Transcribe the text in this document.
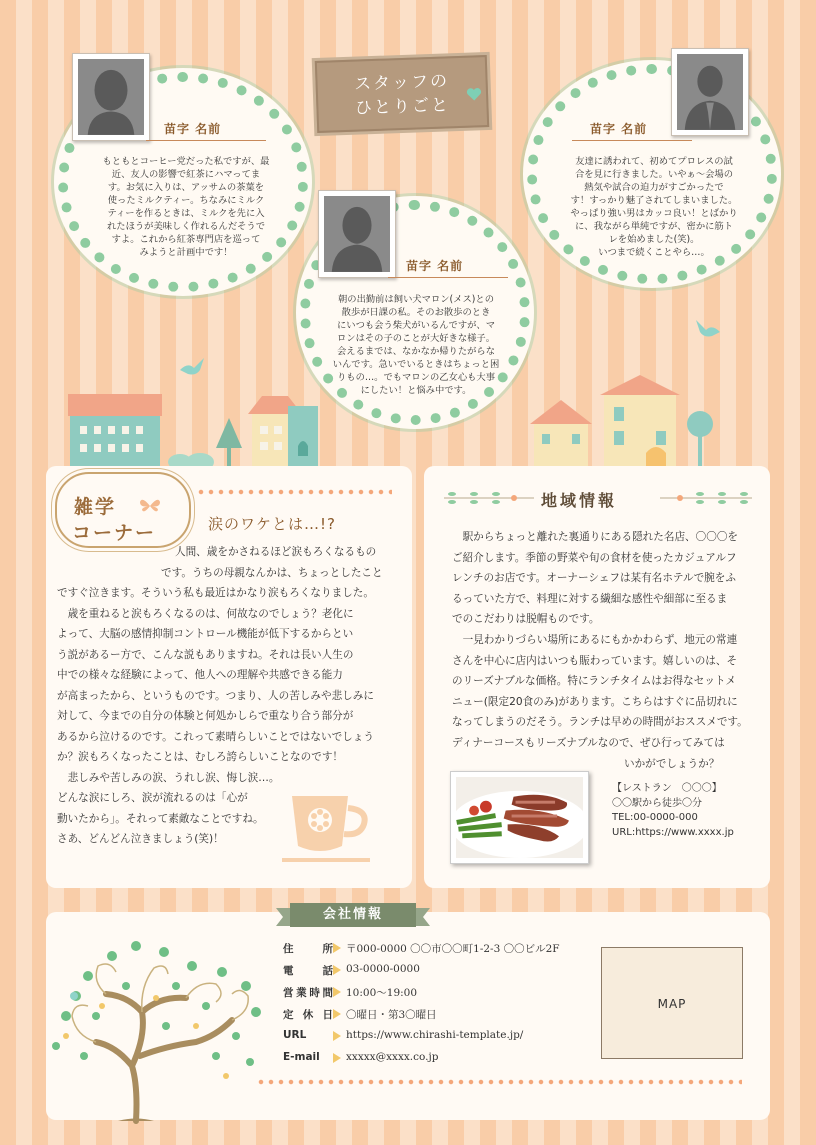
スタッフの
ひとりごと
苗字 名前
もともとコーヒー党だった私ですが、最
近、友人の影響で紅茶にハマってま
す。お気に入りは、アッサムの茶葉を
使ったミルクティー。ちなみにミルク
ティーを作るときは、ミルクを先に入
れたほうが美味しく作れるんだそうで
すよ。これから紅茶専門店を巡って
みようと計画中です！
苗字 名前
朝の出勤前は飼い犬マロン(メス)との
散歩が日課の私。そのお散歩のとき
にいつも会う柴犬がいるんですが、マ
ロンはその子のことが大好きな様子。
会えるまでは、なかなか帰りたがらな
いんです。急いでいるときはちょっと困
りもの…。でもマロンの乙女心も大事
にしたい！と悩み中です。
苗字 名前
友達に誘われて、初めてプロレスの試
合を見に行きました。いやぁ～会場の
熱気や試合の迫力がすごかったで
す！すっかり魅了されてしまいました。
やっぱり強い男はカッコ良い！とばかり
に、我ながら単純ですが、密かに筋ト
レを始めました(笑)。
いつまで続くことやら…。
雑学
コーナー	涙のワケとは…!?
人間、歳をかさねるほど涙もろくなるもの
です。うちの母親なんかは、ちょっとしたこと
ですぐ泣きます。そういう私も最近はかなり涙もろくなりました。
　歳を重ねると涙もろくなるのは、何故なのでしょう？老化に
よって、大脳の感情抑制コントロール機能が低下するからとい
う説があるー方で、こんな説もありますね。それは長い人生の
中での様々な経験によって、他人への理解や共感できる能力
が高まったから、というものです。つまり、人の苦しみや悲しみに
対して、今までの自分の体験と何処かしらで重なり合う部分が
あるから泣けるのです。これって素晴らしいことではないでしょう
か？涙もろくなったことは、むしろ誇らしいことなのです！
　悲しみや苦しみの涙、うれし涙、悔し涙…。
どんな涙にしろ、涙が流れるのは「心が
動いたから」。それって素敵なことですね。
さあ、どんどん泣きましょう(笑)！
地域情報
　駅からちょっと離れた裏通りにある隠れた名店、〇〇〇を
ご紹介します。季節の野菜や旬の食材を使ったカジュアルフ
レンチのお店です。オーナーシェフは某有名ホテルで腕をふ
るっていた方で、料理に対する繊細な感性や細部に至るま
でのこだわりは脱帽ものです。
　一見わかりづらい場所にあるにもかかわらず、地元の常連
さんを中心に店内はいつも賑わっています。嬉しいのは、そ
のリーズナブルな価格。特にランチタイムはお得なセットメ
ニュー(限定20食のみ)があります。こちらはすぐに品切れに
なってしまうのだそう。ランチは早めの時間がおススメです。
ディナーコースもリーズナブルなので、ぜひ行ってみては
いかがでしょうか？
【レストラン　〇〇〇】
〇〇駅から徒歩〇分
TEL:00-0000-000
URL:https://www.xxxx.jp
会社情報
住所 〒000-0000 〇〇市〇〇町1-2-3 〇〇ビル2F
電話 03-0000-0000
営業時間 10:00～19:00
定休日 〇曜日・第3〇曜日
URL	https://www.chirashi-template.jp/
E-mail	xxxxx@xxxx.co.jp
MAP
